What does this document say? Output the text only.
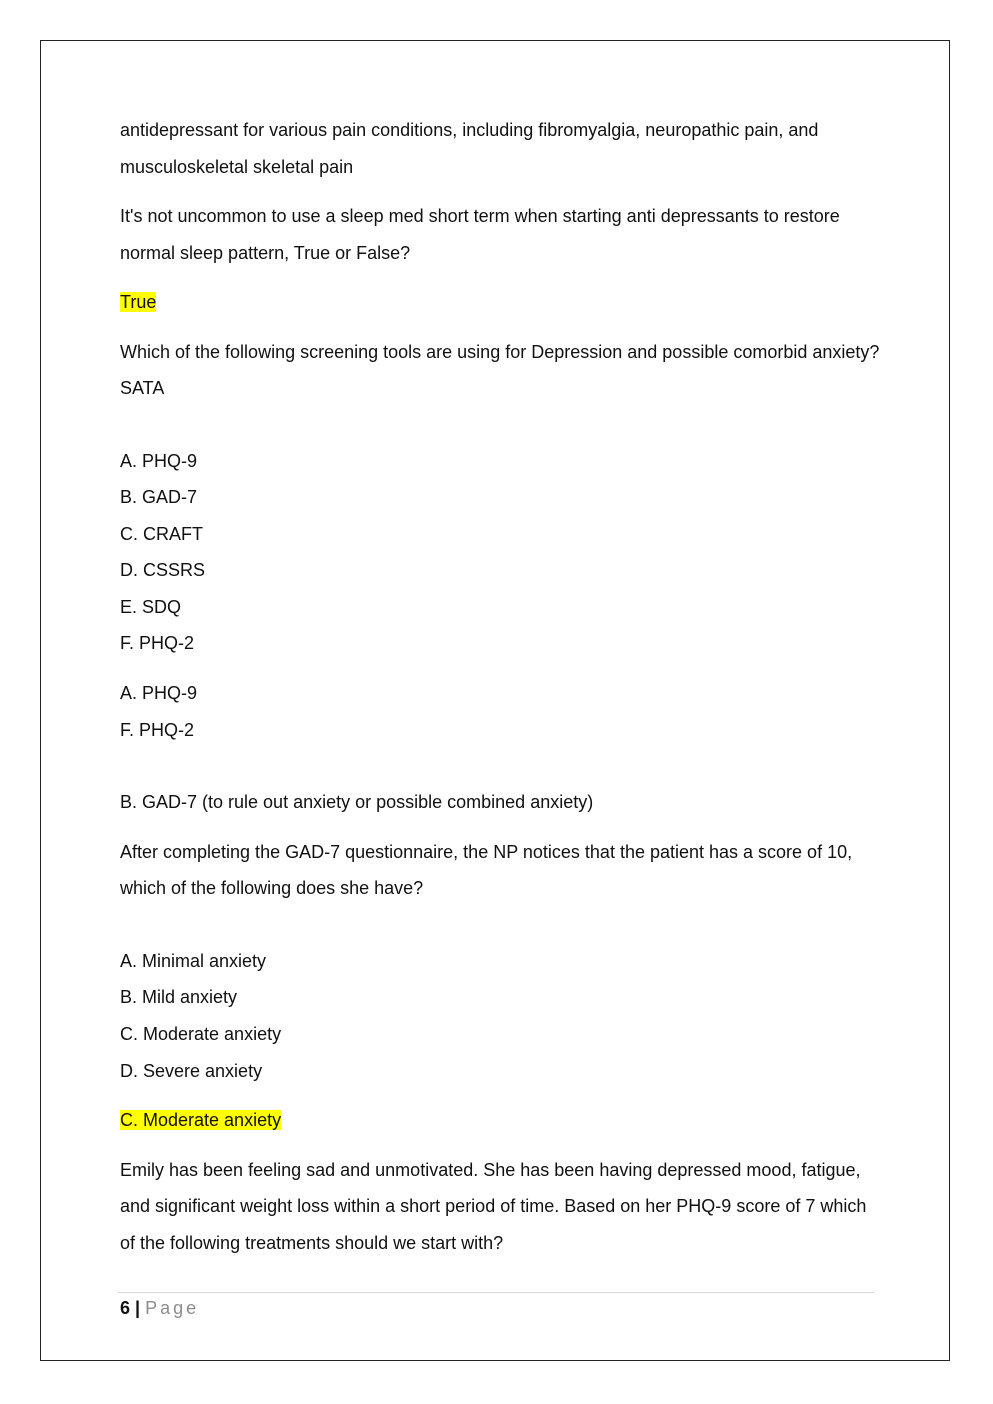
antidepressant for various pain conditions, including fibromyalgia, neuropathic pain, and musculoskeletal skeletal pain

It's not uncommon to use a sleep med short term when starting anti depressants to restore normal sleep pattern, True or False?

True

Which of the following screening tools are using for Depression and possible comorbid anxiety? SATA

A. PHQ-9

B. GAD-7

C. CRAFT

D. CSSRS

E. SDQ

F. PHQ-2

A. PHQ-9

F. PHQ-2

B. GAD-7 (to rule out anxiety or possible combined anxiety)

After completing the GAD-7 questionnaire, the NP notices that the patient has a score of 10, which of the following does she have?

A. Minimal anxiety

B. Mild anxiety

C. Moderate anxiety

D. Severe anxiety

C. Moderate anxiety

Emily has been feeling sad and unmotivated. She has been having depressed mood, fatigue, and significant weight loss within a short period of time. Based on her PHQ-9 score of 7 which of the following treatments should we start with?

6 | Page
